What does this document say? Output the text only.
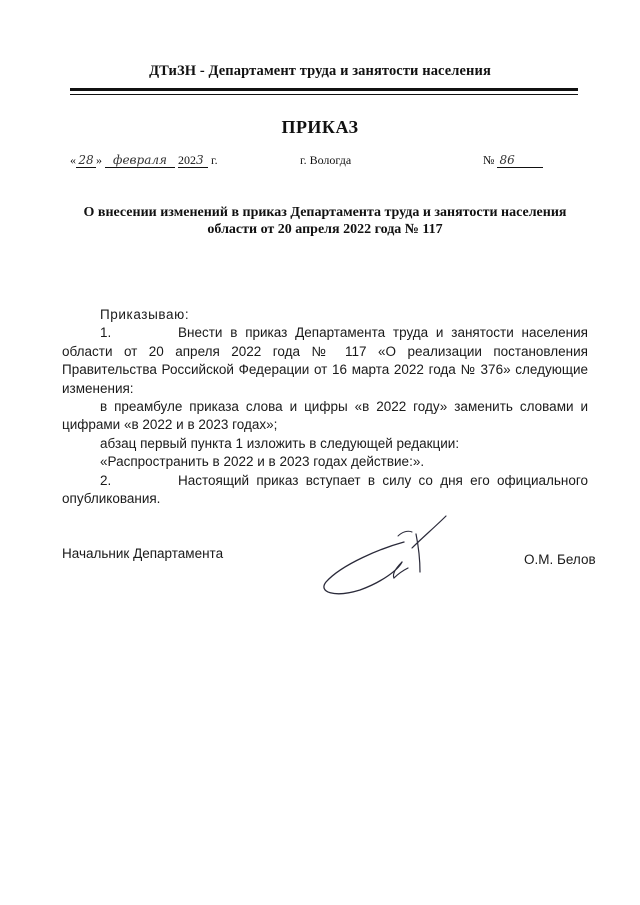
ДТиЗН - Департамент труда и занятости населения
ПРИКАЗ
« 28 » февраля 2023 г.	г. Вологда	№ 86
О внесении изменений в приказ Департамента труда и занятости населения
области от 20 апреля 2022 года № 117

Приказываю:

1.	Внести в приказ Департамента труда и занятости населения области от 20 апреля 2022 года № 117 «О реализации постановления Правительства Российской Федерации от 16 марта 2022 года № 376» следующие изменения:

в преамбуле приказа слова и цифры «в 2022 году» заменить словами и цифрами «в 2022 и в 2023 годах»;

абзац первый пункта 1 изложить в следующей редакции:

«Распространить в 2022 и в 2023 годах действие:».

2.	Настоящий приказ вступает в силу со дня его официального опубликования.

Начальник Департамента	О.М. Белов
